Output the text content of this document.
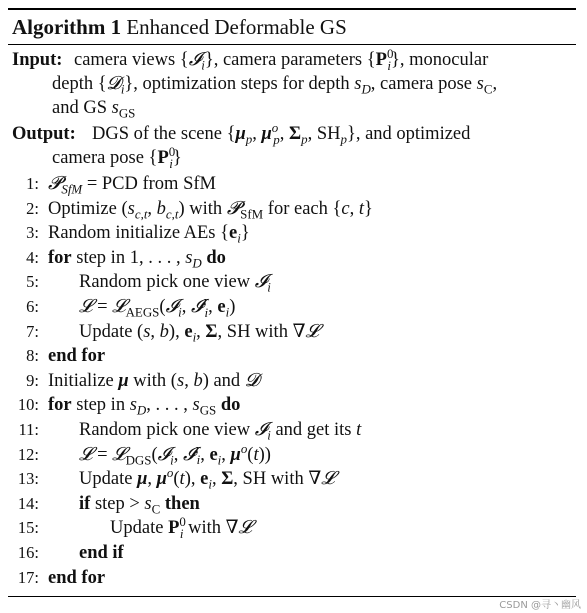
Algorithm 1 Enhanced Deformable GS
Input: camera views {𝓘$_i$}, camera parameters $\{P^0_i\}$, monocular
depth {𝓓$_i$}, optimization steps for depth $s_D$, camera pose $s_C$,
and GS $s_{GS}$
Output: DGS of the scene {$\mu_p$, $\mu^o_p$, $\Sigma_p$, $SH_p$}, and optimized
camera pose $\{P^0_i\}$
1: 𝓟$_{SfM}$ = PCD from SfM
2: Optimize ($s_{c,t}$, $b_{c,t}$) with 𝓟$_{SfM}$ for each {c, t}
3: Random initialize AEs $\{e_i\}$
4: for step in 1, . . . , $s_D$ do
5: Random pick one view 𝓘$_i$
6: 𝓛 = 𝓛$_{AEGS}$(𝓘$_i$, 𝓘$^r_i$, $e_i$)
7: Update (s, b), $e_i$, Σ, SH with ∇𝓛
8: end for
9: Initialize μ with (s, b) and 𝓓
10: for step in $s_D$, . . . , $s_{GS}$ do
11: Random pick one view 𝓘$_i$ and get its t
12: 𝓛 = 𝓛$_{DGS}$(𝓘$_i$, 𝓘$^r_i$, $e_i$, $\mu^o(t)$)
13: Update μ, $\mu^o(t)$, $e_i$, Σ, SH with ∇𝓛
14: if step > $s_C$ then
15:	Update $P^0_i$ with ∇𝓛
16: end if
17: end for
CSDN @寻丶幽风
